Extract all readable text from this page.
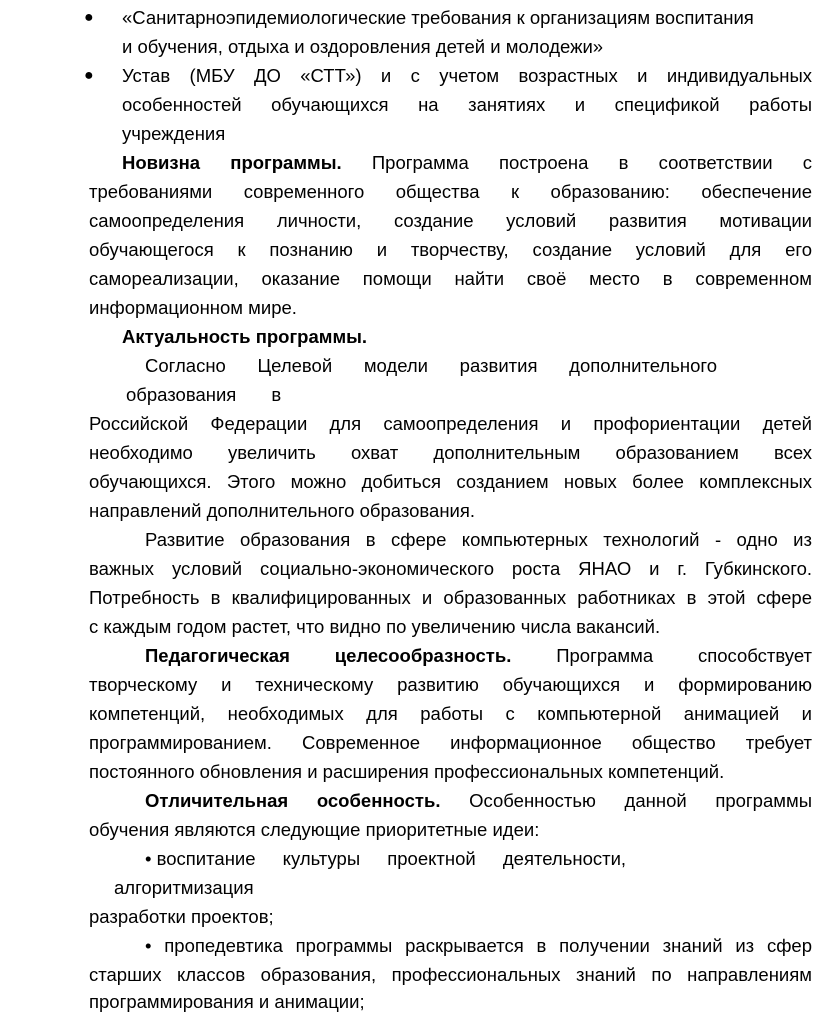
● «Санитарноэпидемиологические требования к организациям воспитания
и обучения, отдыха и оздоровления детей и молодежи»
● Устав (МБУ ДО «СТТ») и с учетом возрастных и индивидуальных
особенностей обучающихся на занятиях и спецификой работы
учреждения
Новизна программы. Программа построена в соответствии с
требованиями современного общества к образованию: обеспечение
самоопределения личности, создание условий развития мотивации
обучающегося к познанию и творчеству, создание условий для его
самореализации, оказание помощи найти своё место в современном
информационном мире.
Актуальность программы.
Согласно Целевой модели развития дополнительного
образования в
Российской Федерации для самоопределения и профориентации детей
необходимо увеличить охват дополнительным образованием всех
обучающихся. Этого можно добиться созданием новых более комплексных
направлений дополнительного образования.
Развитие образования в сфере компьютерных технологий - одно из
важных условий социально-экономического роста ЯНАО и г. Губкинского.
Потребность в квалифицированных и образованных работниках в этой сфере
с каждым годом растет, что видно по увеличению числа вакансий.
Педагогическая целесообразность. Программа способствует
творческому и техническому развитию обучающихся и формированию
компетенций, необходимых для работы с компьютерной анимацией и
программированием. Современное информационное общество требует
постоянного обновления и расширения профессиональных компетенций.
Отличительная особенность. Особенностью данной программы
обучения являются следующие приоритетные идеи:
• воспитание культуры проектной деятельности,
алгоритмизация
разработки проектов;
• пропедевтика программы раскрывается в получении знаний из сфер
старших классов образования, профессиональных знаний по направлениям
программирования и анимации;
